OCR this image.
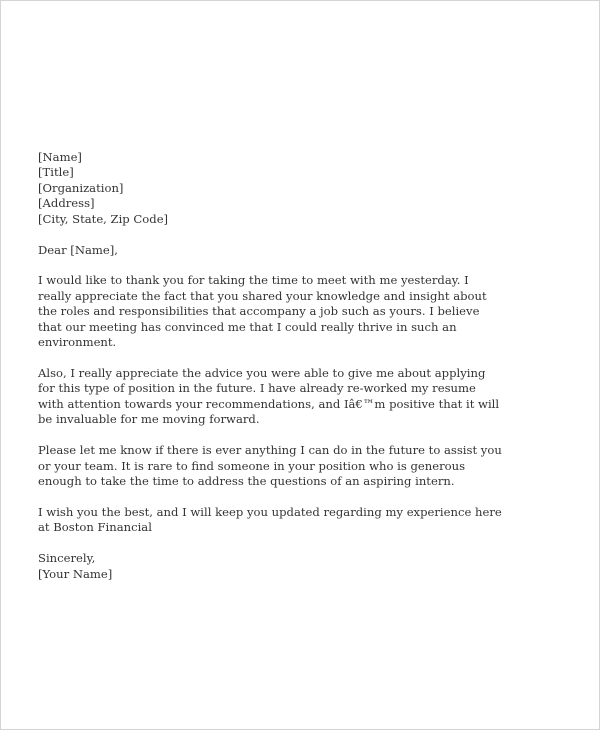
[Name]
[Title]
[Organization]
[Address]
[City, State, Zip Code]
Dear [Name],
I would like to thank you for taking the time to meet with me yesterday. I
really appreciate the fact that you shared your knowledge and insight about
the roles and responsibilities that accompany a job such as yours. I believe
that our meeting has convinced me that I could really thrive in such an
environment.
Also, I really appreciate the advice you were able to give me about applying
for this type of position in the future. I have already re-worked my resume
with attention towards your recommendations, and Iâ€™m positive that it will
be invaluable for me moving forward.
Please let me know if there is ever anything I can do in the future to assist you
or your team. It is rare to find someone in your position who is generous
enough to take the time to address the questions of an aspiring intern.
I wish you the best, and I will keep you updated regarding my experience here
at Boston Financial
Sincerely,
[Your Name]
